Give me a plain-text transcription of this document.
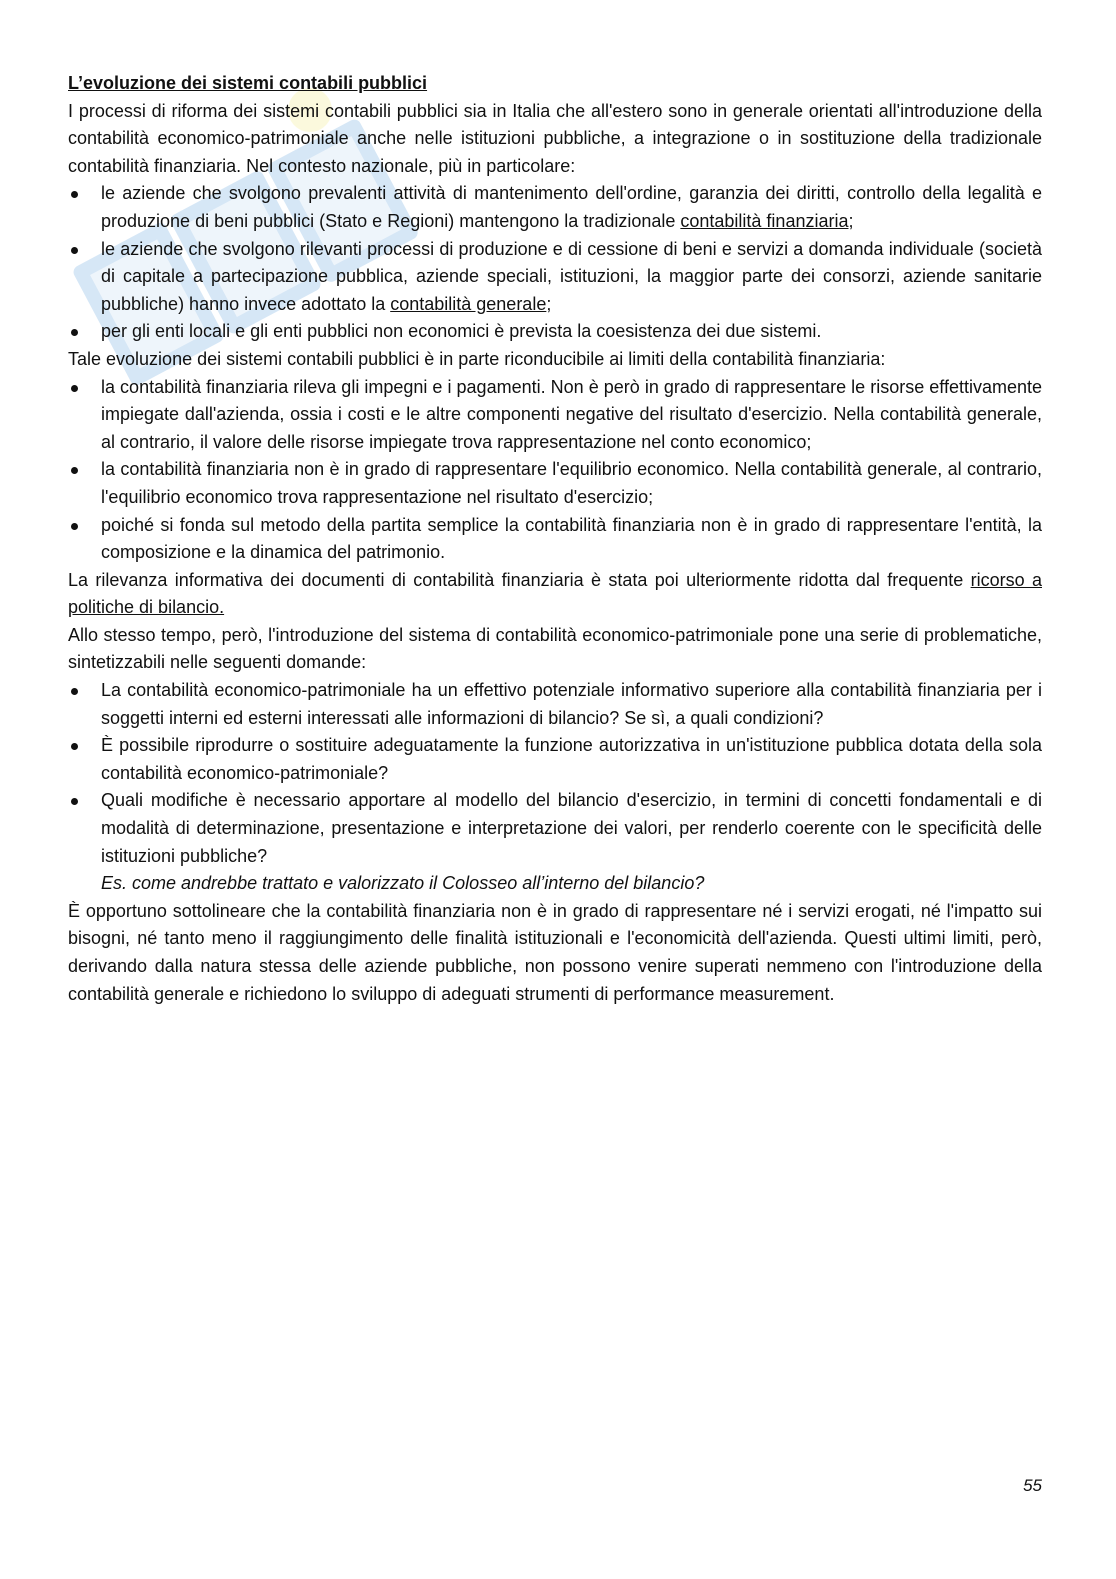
L’evoluzione dei sistemi contabili pubblici

I processi di riforma dei sistemi contabili pubblici sia in Italia che all'estero sono in generale orientati all'introduzione della contabilità economico-patrimoniale anche nelle istituzioni pubbliche, a integrazione o in sostituzione della tradizionale contabilità finanziaria. Nel contesto nazionale, più in particolare:

le aziende che svolgono prevalenti attività di mantenimento dell'ordine, garanzia dei diritti, controllo della legalità e produzione di beni pubblici (Stato e Regioni) mantengono la tradizionale contabilità finanziaria;
le aziende che svolgono rilevanti processi di produzione e di cessione di beni e servizi a domanda individuale (società di capitale a partecipazione pubblica, aziende speciali, istituzioni, la maggior parte dei consorzi, aziende sanitarie pubbliche) hanno invece adottato la contabilità generale;
per gli enti locali e gli enti pubblici non economici è prevista la coesistenza dei due sistemi.

Tale evoluzione dei sistemi contabili pubblici è in parte riconducibile ai limiti della contabilità finanziaria:

la contabilità finanziaria rileva gli impegni e i pagamenti. Non è però in grado di rappresentare le risorse effettivamente impiegate dall'azienda, ossia i costi e le altre componenti negative del risultato d'esercizio. Nella contabilità generale, al contrario, il valore delle risorse impiegate trova rappresentazione nel conto economico;
la contabilità finanziaria non è in grado di rappresentare l'equilibrio economico. Nella contabilità generale, al contrario, l'equilibrio economico trova rappresentazione nel risultato d'esercizio;
poiché si fonda sul metodo della partita semplice la contabilità finanziaria non è in grado di rappresentare l'entità, la composizione e la dinamica del patrimonio.

La rilevanza informativa dei documenti di contabilità finanziaria è stata poi ulteriormente ridotta dal frequente ricorso a politiche di bilancio.

Allo stesso tempo, però, l'introduzione del sistema di contabilità economico-patrimoniale pone una serie di problematiche, sintetizzabili nelle seguenti domande:

La contabilità economico-patrimoniale ha un effettivo potenziale informativo superiore alla contabilità finanziaria per i soggetti interni ed esterni interessati alle informazioni di bilancio? Se sì, a quali condizioni?
È possibile riprodurre o sostituire adeguatamente la funzione autorizzativa in un'istituzione pubblica dotata della sola contabilità economico-patrimoniale?
Quali modifiche è necessario apportare al modello del bilancio d'esercizio, in termini di concetti fondamentali e di modalità di determinazione, presentazione e interpretazione dei valori, per renderlo coerente con le specificità delle istituzioni pubbliche?

Es. come andrebbe trattato e valorizzato il Colosseo all’interno del bilancio?

È opportuno sottolineare che la contabilità finanziaria non è in grado di rappresentare né i servizi erogati, né l'impatto sui bisogni, né tanto meno il raggiungimento delle finalità istituzionali e l'economicità dell'azienda. Questi ultimi limiti, però, derivando dalla natura stessa delle aziende pubbliche, non possono venire superati nemmeno con l'introduzione della contabilità generale e richiedono lo sviluppo di adeguati strumenti di performance measurement.

55
